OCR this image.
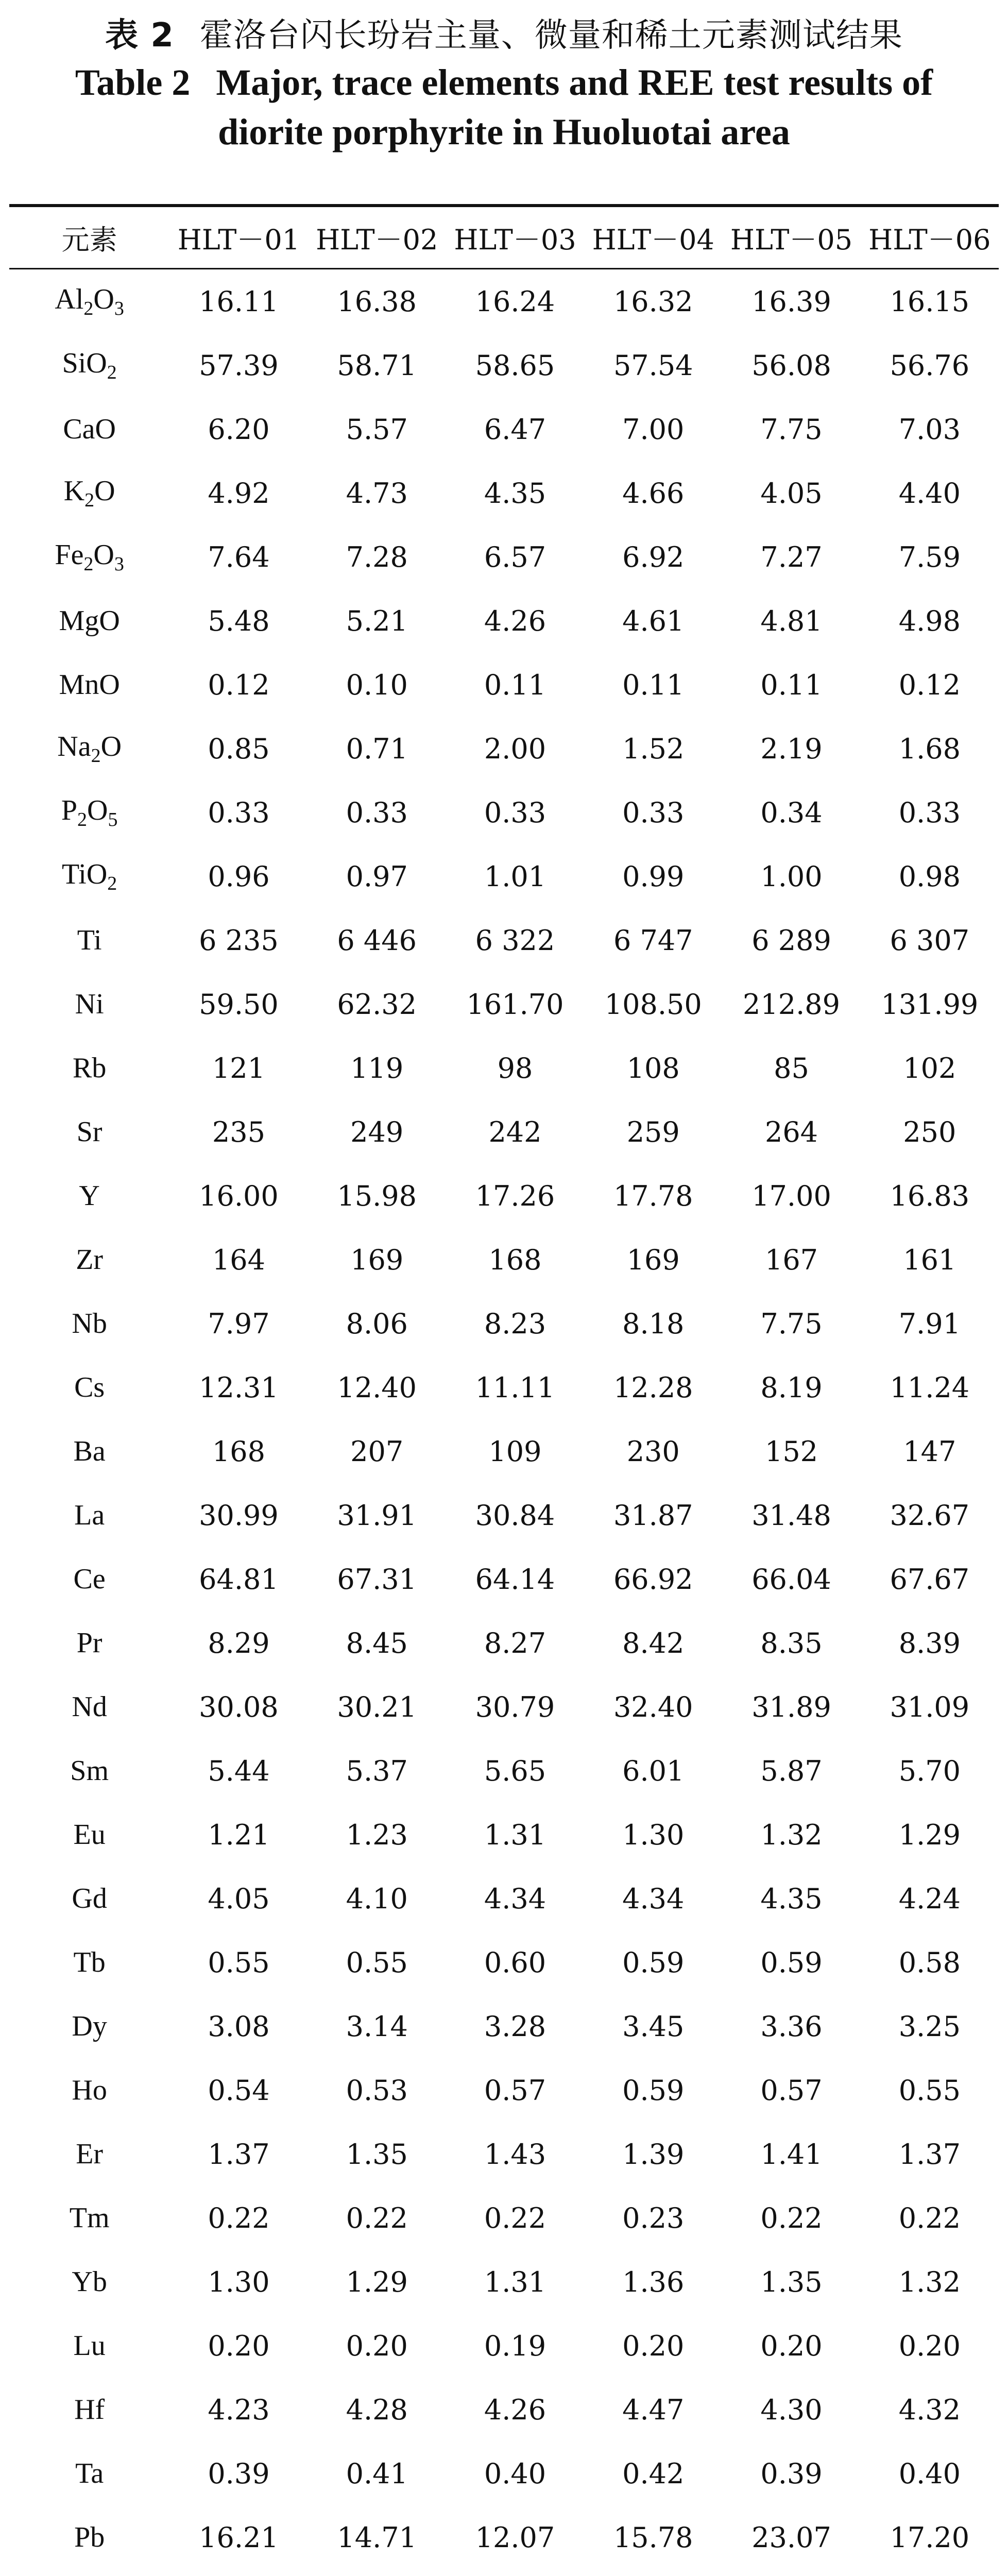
表 2 霍洛台闪长玢岩主量、微量和稀土元素测试结果
Table 2 Major, trace elements and REE test results of
diorite porphyrite in Huoluotai area
元素	HLT－01	HLT－02	HLT－03	HLT－04	HLT－05	HLT－06
$Al_2O_3$	16.11	16.38	16.24	16.32	16.39	16.15
SiO$_2$	57.39	58.71	58.65	57.54	56.08	56.76
CaO	6.20	5.57	6.47	7.00	7.75	7.03
$K_2O$	4.92	4.73	4.35	4.66	4.05	4.40
$Fe_2O_3$	7.64	7.28	6.57	6.92	7.27	7.59
MgO	5.48	5.21	4.26	4.61	4.81	4.98
MnO	0.12	0.10	0.11	0.11	0.11	0.12
$Na_2O$	0.85	0.71	2.00	1.52	2.19	1.68
$P_2O_5$	0.33	0.33	0.33	0.33	0.34	0.33
TiO$_2$	0.96	0.97	1.01	0.99	1.00	0.98
Ti	6 235	6 446	6 322	6 747	6 289	6 307
Ni	59.50	62.32	161.70	108.50	212.89	131.99
Rb	121	119	98	108	85	102
Sr	235	249	242	259	264	250
Y	16.00	15.98	17.26	17.78	17.00	16.83
Zr	164	169	168	169	167	161
Nb	7.97	8.06	8.23	8.18	7.75	7.91
Cs	12.31	12.40	11.11	12.28	8.19	11.24
Ba	168	207	109	230	152	147
La	30.99	31.91	30.84	31.87	31.48	32.67
Ce	64.81	67.31	64.14	66.92	66.04	67.67
Pr	8.29	8.45	8.27	8.42	8.35	8.39
Nd	30.08	30.21	30.79	32.40	31.89	31.09
Sm	5.44	5.37	5.65	6.01	5.87	5.70
Eu	1.21	1.23	1.31	1.30	1.32	1.29
Gd	4.05	4.10	4.34	4.34	4.35	4.24
Tb	0.55	0.55	0.60	0.59	0.59	0.58
Dy	3.08	3.14	3.28	3.45	3.36	3.25
Ho	0.54	0.53	0.57	0.59	0.57	0.55
Er	1.37	1.35	1.43	1.39	1.41	1.37
Tm	0.22	0.22	0.22	0.23	0.22	0.22
Yb	1.30	1.29	1.31	1.36	1.35	1.32
Lu	0.20	0.20	0.19	0.20	0.20	0.20
Hf	4.23	4.28	4.26	4.47	4.30	4.32
Ta	0.39	0.41	0.40	0.42	0.39	0.40
Pb	16.21	14.71	12.07	15.78	23.07	17.20
